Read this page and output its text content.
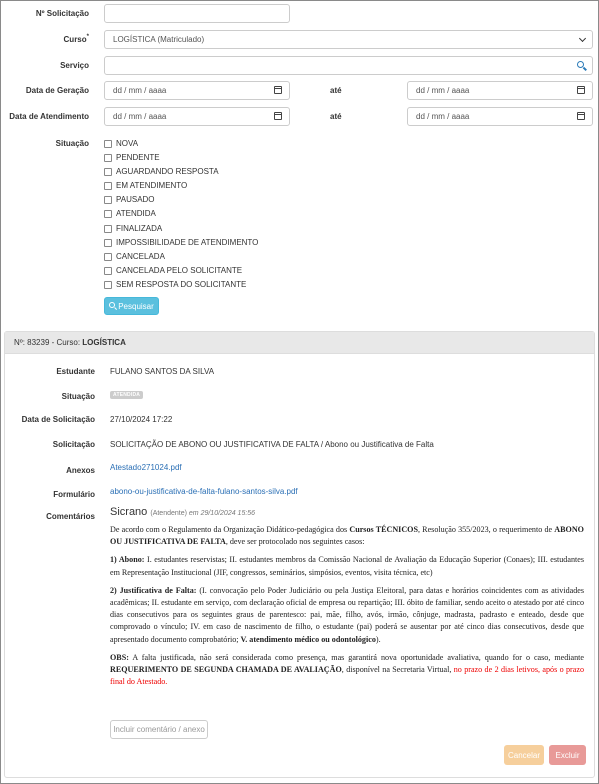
Nº Solicitação
Curso*	LOGÍSTICA (Matriculado)
Serviço
Data de Geração	dd / mm / aaaa	até	dd / mm / aaaa
Data de Atendimento	dd / mm / aaaa	até	dd / mm / aaaa
Situação	NOVA
PENDENTE
AGUARDANDO RESPOSTA
EM ATENDIMENTO
PAUSADO
ATENDIDA
FINALIZADA
IMPOSSIBILIDADE DE ATENDIMENTO
CANCELADA
CANCELADA PELO SOLICITANTE
SEM RESPOSTA DO SOLICITANTE
Pesquisar
Nº: 83239 - Curso:
LOGÍSTICA
Estudante FULANO SANTOS DA SILVA
Situação	ATENDIDA
Data de Solicitação 27/10/2024 17:22
Solicitação SOLICITAÇÃO DE ABONO OU JUSTIFICATIVA DE FALTA / Abono ou Justificativa de Falta
Anexos Atestado271024.pdf
Formulário abono-ou-justificativa-de-falta-fulano-santos-silva.pdf
Comentários Sicrano (Atendente) em 29/10/2024 15:56

De acordo com o Regulamento da Organização Didático-pedagógica dos Cursos TÉCNICOS, Resolução 355/2023, o requerimento de ABONO OU JUSTIFICATIVA DE FALTA, deve ser protocolado nos seguintes casos:

1) Abono: I. estudantes reservistas; II. estudantes membros da Comissão Nacional de Avaliação da Educação Superior (Conaes); III. estudantes em Representação Institucional (JIF, congressos, seminários, simpósios, eventos, visita técnica, etc)

2) Justificativa de Falta: (I. convocação pelo Poder Judiciário ou pela Justiça Eleitoral, para datas e horários coincidentes com as atividades acadêmicas; II. estudante em serviço, com declaração oficial de empresa ou repartição; III. óbito de familiar, sendo aceito o atestado por até cinco dias consecutivos para os seguintes graus de parentesco: pai, mãe, filho, avós, irmão, cônjuge, madrasta, padrasto e enteado, desde que comprovado o vínculo; IV. em caso de nascimento de filho, o estudante (pai) poderá se ausentar por até cinco dias consecutivos, desde que apresentado documento comprobatório; V. atendimento médico ou odontológico).

OBS: A falta justificada, não será considerada como presença, mas garantirá nova oportunidade avaliativa, quando for o caso, mediante REQUERIMENTO DE SEGUNDA CHAMADA DE AVALIAÇÃO, disponível na Secretaria Virtual, no prazo de 2 dias letivos, após o prazo final do Atestado.

Incluir comentário / anexo
Cancelar	Excluir
